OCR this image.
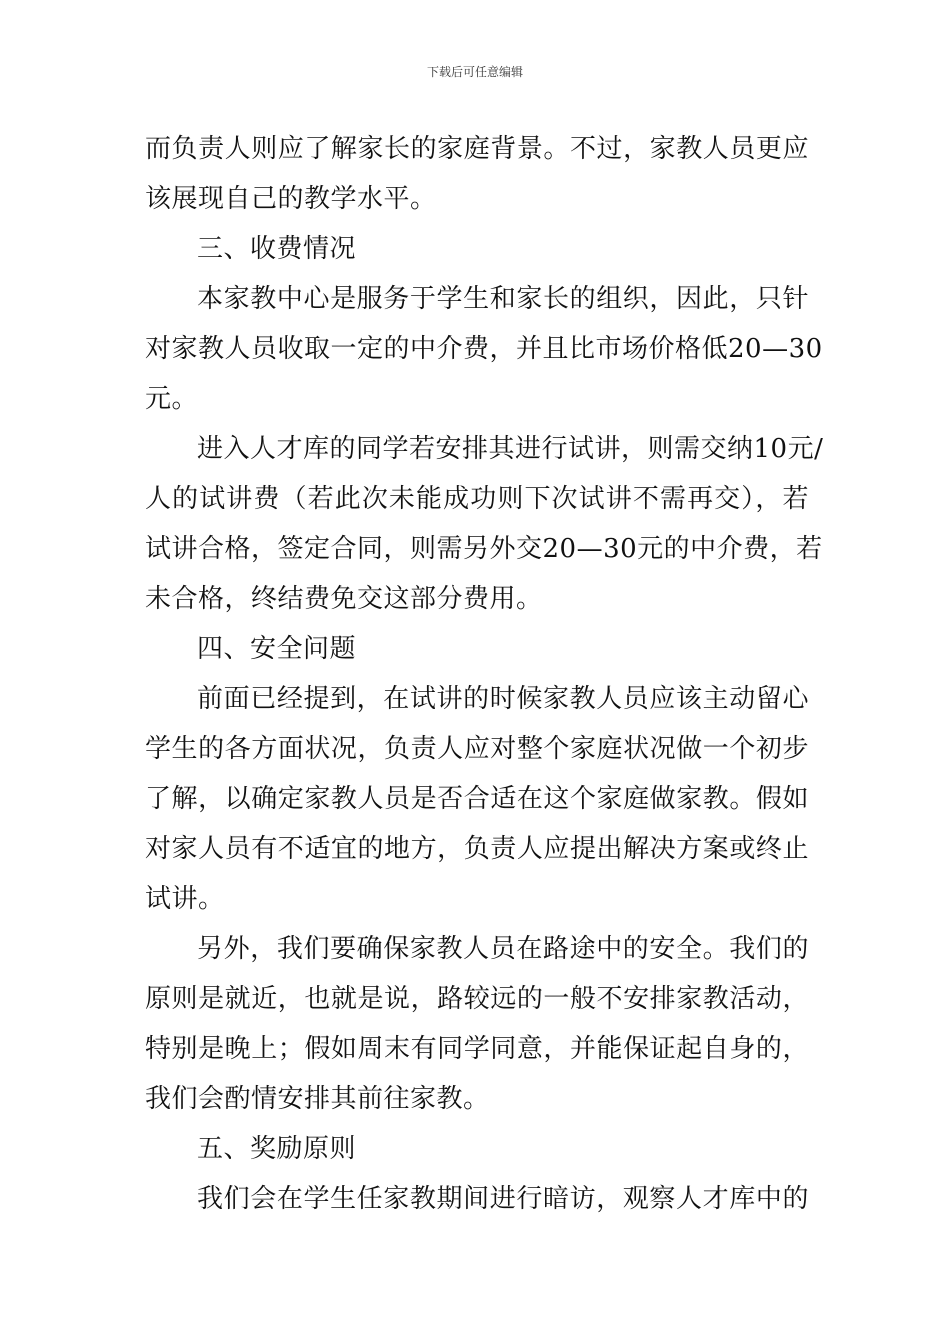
下载后可任意编辑
而负责人则应了解家长的家庭背景。不过，家教人员更应
该展现自己的教学水平。
三、收费情况
本家教中心是服务于学生和家长的组织，因此，只针
对家教人员收取一定的中介费，并且比市场价格低20—30
元。
进入人才库的同学若安排其进行试讲，则需交纳10元/
人的试讲费（若此次未能成功则下次试讲不需再交），若
试讲合格，签定合同，则需另外交20—30元的中介费，若
未合格，终结费免交这部分费用。
四、安全问题
前面已经提到，在试讲的时候家教人员应该主动留心
学生的各方面状况，负责人应对整个家庭状况做一个初步
了解，以确定家教人员是否合适在这个家庭做家教。假如
对家人员有不适宜的地方，负责人应提出解决方案或终止
试讲。
另外，我们要确保家教人员在路途中的安全。我们的
原则是就近，也就是说，路较远的一般不安排家教活动，
特别是晚上；假如周末有同学同意，并能保证起自身的，
我们会酌情安排其前往家教。
五、奖励原则
我们会在学生任家教期间进行暗访，观察人才库中的
